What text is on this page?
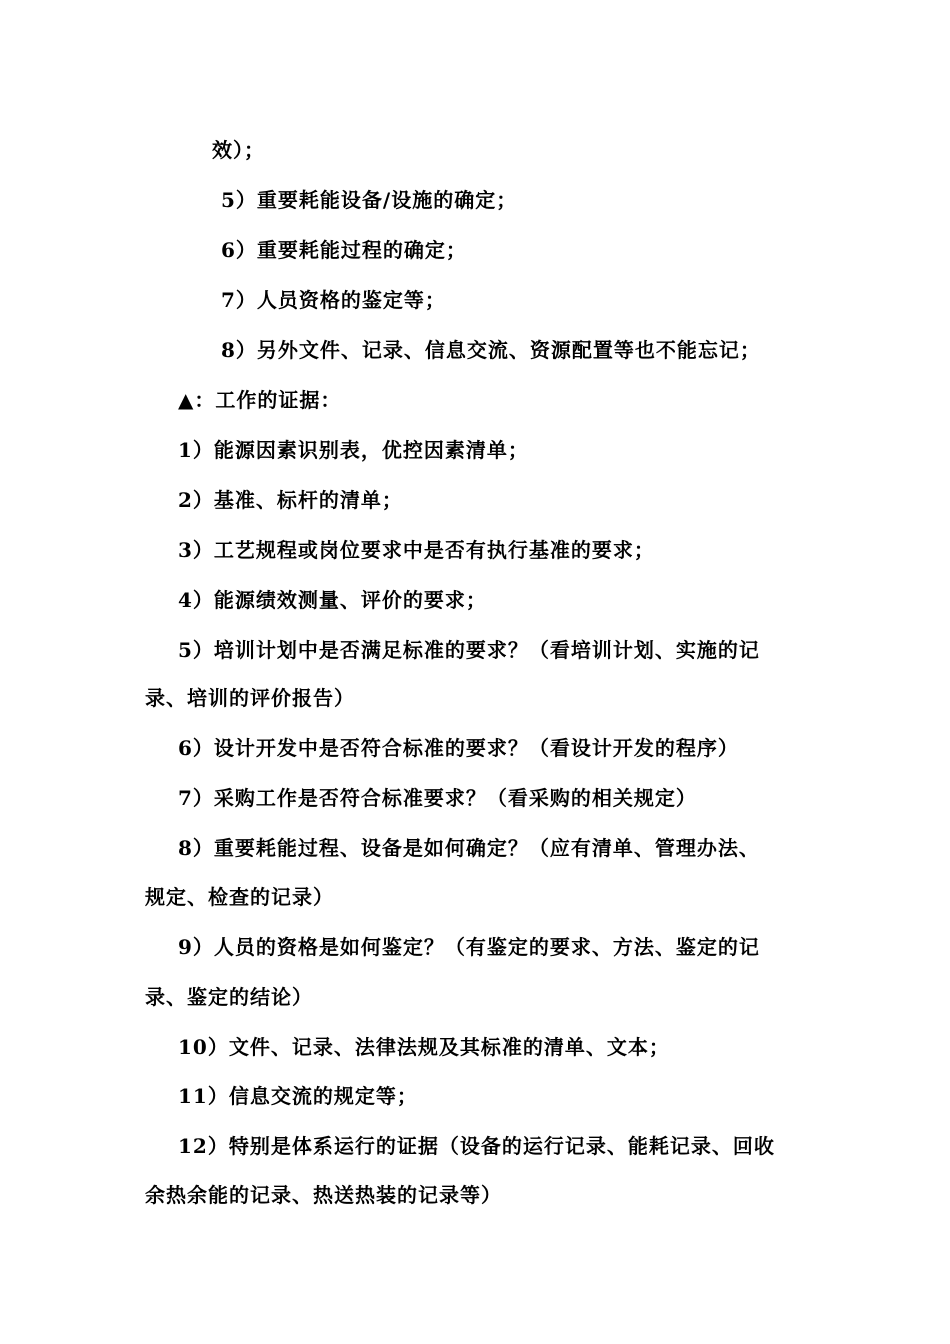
效）；
5）重要耗能设备/设施的确定；
6）重要耗能过程的确定；
7）人员资格的鉴定等；
8）另外文件、记录、信息交流、资源配置等也不能忘记；
▲：工作的证据：
1）能源因素识别表，优控因素清单；
2）基准、标杆的清单；
3）工艺规程或岗位要求中是否有执行基准的要求；
4）能源绩效测量、评价的要求；
5）培训计划中是否满足标准的要求？（看培训计划、实施的记
录、培训的评价报告）
6）设计开发中是否符合标准的要求？（看设计开发的程序）
7）采购工作是否符合标准要求？（看采购的相关规定）
8）重要耗能过程、设备是如何确定？（应有清单、管理办法、
规定、检查的记录）
9）人员的资格是如何鉴定？（有鉴定的要求、方法、鉴定的记
录、鉴定的结论）
10）文件、记录、法律法规及其标准的清单、文本；
11）信息交流的规定等；
12）特别是体系运行的证据（设备的运行记录、能耗记录、回收
余热余能的记录、热送热装的记录等）
